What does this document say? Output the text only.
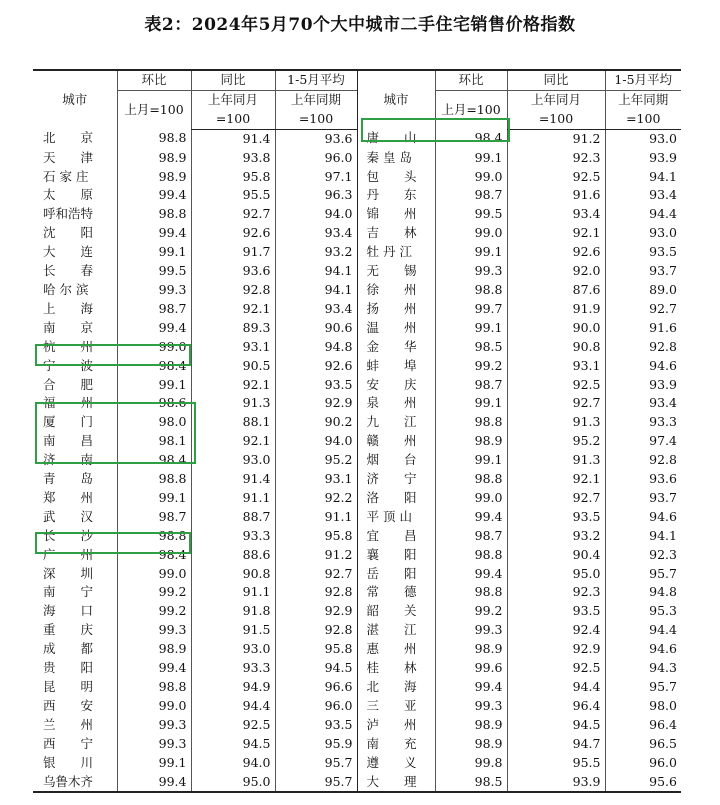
表2：2024年5月70个大中城市二手住宅销售价格指数
城市	环比	同比	1-5月平均	城市	环比	同比	1-5月平均
	上月=100	上年同月	上年同期		上月=100	上年同月	上年同期
		=100	=100			=100	=100
北　　京	98.8	91.4	93.6	唐　　山	98.4	91.2	93.0
天　　津	98.9	93.8	96.0	秦 皇 岛	99.1	92.3	93.9
石 家 庄	98.9	95.8	97.1	包　　头	99.0	92.5	94.1
太　　原	99.4	95.5	96.3	丹　　东	98.7	91.6	93.4
呼和浩特	98.8	92.7	94.0	锦　　州	99.5	93.4	94.4
沈　　阳	99.4	92.6	93.4	吉　　林	99.0	92.1	93.0
大　　连	99.1	91.7	93.2	牡 丹 江	99.1	92.6	93.5
长　　春	99.5	93.6	94.1	无　　锡	99.3	92.0	93.7
哈 尔 滨	99.3	92.8	94.1	徐　　州	98.8	87.6	89.0
上　　海	98.7	92.1	93.4	扬　　州	99.7	91.9	92.7
南　　京	99.4	89.3	90.6	温　　州	99.1	90.0	91.6
杭　　州	99.0	93.1	94.8	金　　华	98.5	90.8	92.8
宁　　波	98.4	90.5	92.6	蚌　　埠	99.2	93.1	94.6
合　　肥	99.1	92.1	93.5	安　　庆	98.7	92.5	93.9
福　　州	98.6	91.3	92.9	泉　　州	99.1	92.7	93.4
厦　　门	98.0	88.1	90.2	九　　江	98.8	91.3	93.3
南　　昌	98.1	92.1	94.0	赣　　州	98.9	95.2	97.4
济　　南	98.4	93.0	95.2	烟　　台	99.1	91.3	92.8
青　　岛	98.8	91.4	93.1	济　　宁	98.8	92.1	93.6
郑　　州	99.1	91.1	92.2	洛　　阳	99.0	92.7	93.7
武　　汉	98.7	88.7	91.1	平 顶 山	99.4	93.5	94.6
长　　沙	98.8	93.3	95.8	宜　　昌	98.7	93.2	94.1
广　　州	98.4	88.6	91.2	襄　　阳	98.8	90.4	92.3
深　　圳	99.0	90.8	92.7	岳　　阳	99.4	95.0	95.7
南　　宁	99.2	91.1	92.8	常　　德	98.8	92.3	94.8
海　　口	99.2	91.8	92.9	韶　　关	99.2	93.5	95.3
重　　庆	99.3	91.5	92.8	湛　　江	99.3	92.4	94.4
成　　都	98.9	93.0	95.8	惠　　州	98.9	92.9	94.6
贵　　阳	99.4	93.3	94.5	桂　　林	99.6	92.5	94.3
昆　　明	98.8	94.9	96.6	北　　海	99.4	94.4	95.7
西　　安	99.0	94.4	96.0	三　　亚	99.3	96.4	98.0
兰　　州	99.3	92.5	93.5	泸　　州	98.9	94.5	96.4
西　　宁	99.3	94.5	95.9	南　　充	98.9	94.7	96.5
银　　川	99.1	94.0	95.7	遵　　义	99.8	95.5	96.0
乌鲁木齐	99.4	95.0	95.7	大　　理	98.5	93.9	95.6
